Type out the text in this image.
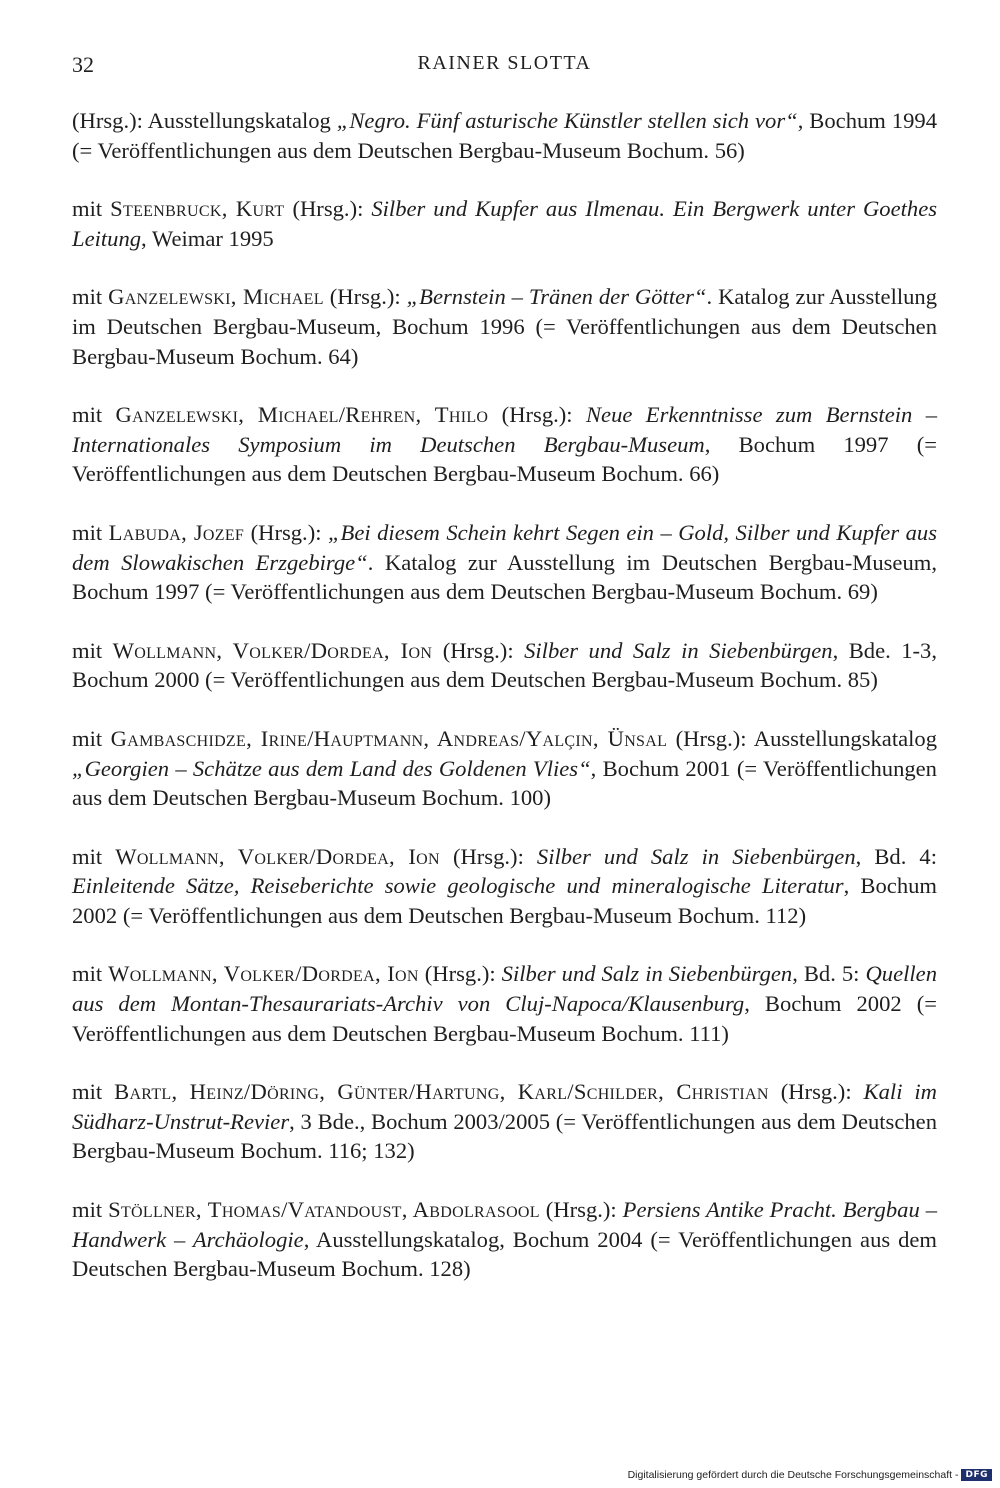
32	RAINER SLOTTA

(Hrsg.): Ausstellungskatalog „Negro. Fünf asturische Künstler stellen sich vor“, Bochum 1994 (= Veröffentlichungen aus dem Deutschen Bergbau-Museum Bochum. 56)

mit Steenbruck, Kurt (Hrsg.): Silber und Kupfer aus Ilmenau. Ein Bergwerk unter Goethes Leitung, Weimar 1995

mit Ganzelewski, Michael (Hrsg.): „Bernstein – Tränen der Götter“. Katalog zur Ausstellung im Deutschen Bergbau-Museum, Bochum 1996 (= Veröffentlichungen aus dem Deutschen Bergbau-Museum Bochum. 64)

mit Ganzelewski, Michael/Rehren, Thilo (Hrsg.): Neue Erkenntnisse zum Bernstein – Internationales Symposium im Deutschen Bergbau-Museum, Bochum 1997 (= Veröffentlichungen aus dem Deutschen Bergbau-Museum Bochum. 66)

mit Labuda, Jozef (Hrsg.): „Bei diesem Schein kehrt Segen ein – Gold, Silber und Kupfer aus dem Slowakischen Erzgebirge“. Katalog zur Ausstellung im Deutschen Bergbau-Museum, Bochum 1997 (= Veröffentlichungen aus dem Deutschen Bergbau-Museum Bochum. 69)

mit Wollmann, Volker/Dordea, Ion (Hrsg.): Silber und Salz in Siebenbürgen, Bde. 1-3, Bochum 2000 (= Veröffentlichungen aus dem Deutschen Bergbau-Museum Bochum. 85)

mit Gambaschidze, Irine/Hauptmann, Andreas/Yalçin, Ünsal (Hrsg.): Ausstellungskatalog „Georgien – Schätze aus dem Land des Goldenen Vlies“, Bochum 2001 (= Veröffentlichungen aus dem Deutschen Bergbau-Museum Bochum. 100)

mit Wollmann, Volker/Dordea, Ion (Hrsg.): Silber und Salz in Siebenbürgen, Bd. 4: Einleitende Sätze, Reiseberichte sowie geologische und mineralogische Literatur, Bochum 2002 (= Veröffentlichungen aus dem Deutschen Bergbau-Museum Bochum. 112)

mit Wollmann, Volker/Dordea, Ion (Hrsg.): Silber und Salz in Siebenbürgen, Bd. 5: Quellen aus dem Montan-Thesaurariats-Archiv von Cluj-Napoca/Klausenburg, Bochum 2002 (= Veröffentlichungen aus dem Deutschen Bergbau-Museum Bochum. 111)

mit Bartl, Heinz/Döring, Günter/Hartung, Karl/Schilder, Christian (Hrsg.): Kali im Südharz-Unstrut-Revier, 3 Bde., Bochum 2003/2005 (= Veröffentlichungen aus dem Deutschen Bergbau-Museum Bochum. 116; 132)

mit Stöllner, Thomas/Vatandoust, Abdolrasool (Hrsg.): Persiens Antike Pracht. Bergbau – Handwerk – Archäologie, Ausstellungskatalog, Bochum 2004 (= Veröffentlichungen aus dem Deutschen Bergbau-Museum Bochum. 128)

Digitalisierung gefördert durch die Deutsche Forschungsgemeinschaft - DFG
